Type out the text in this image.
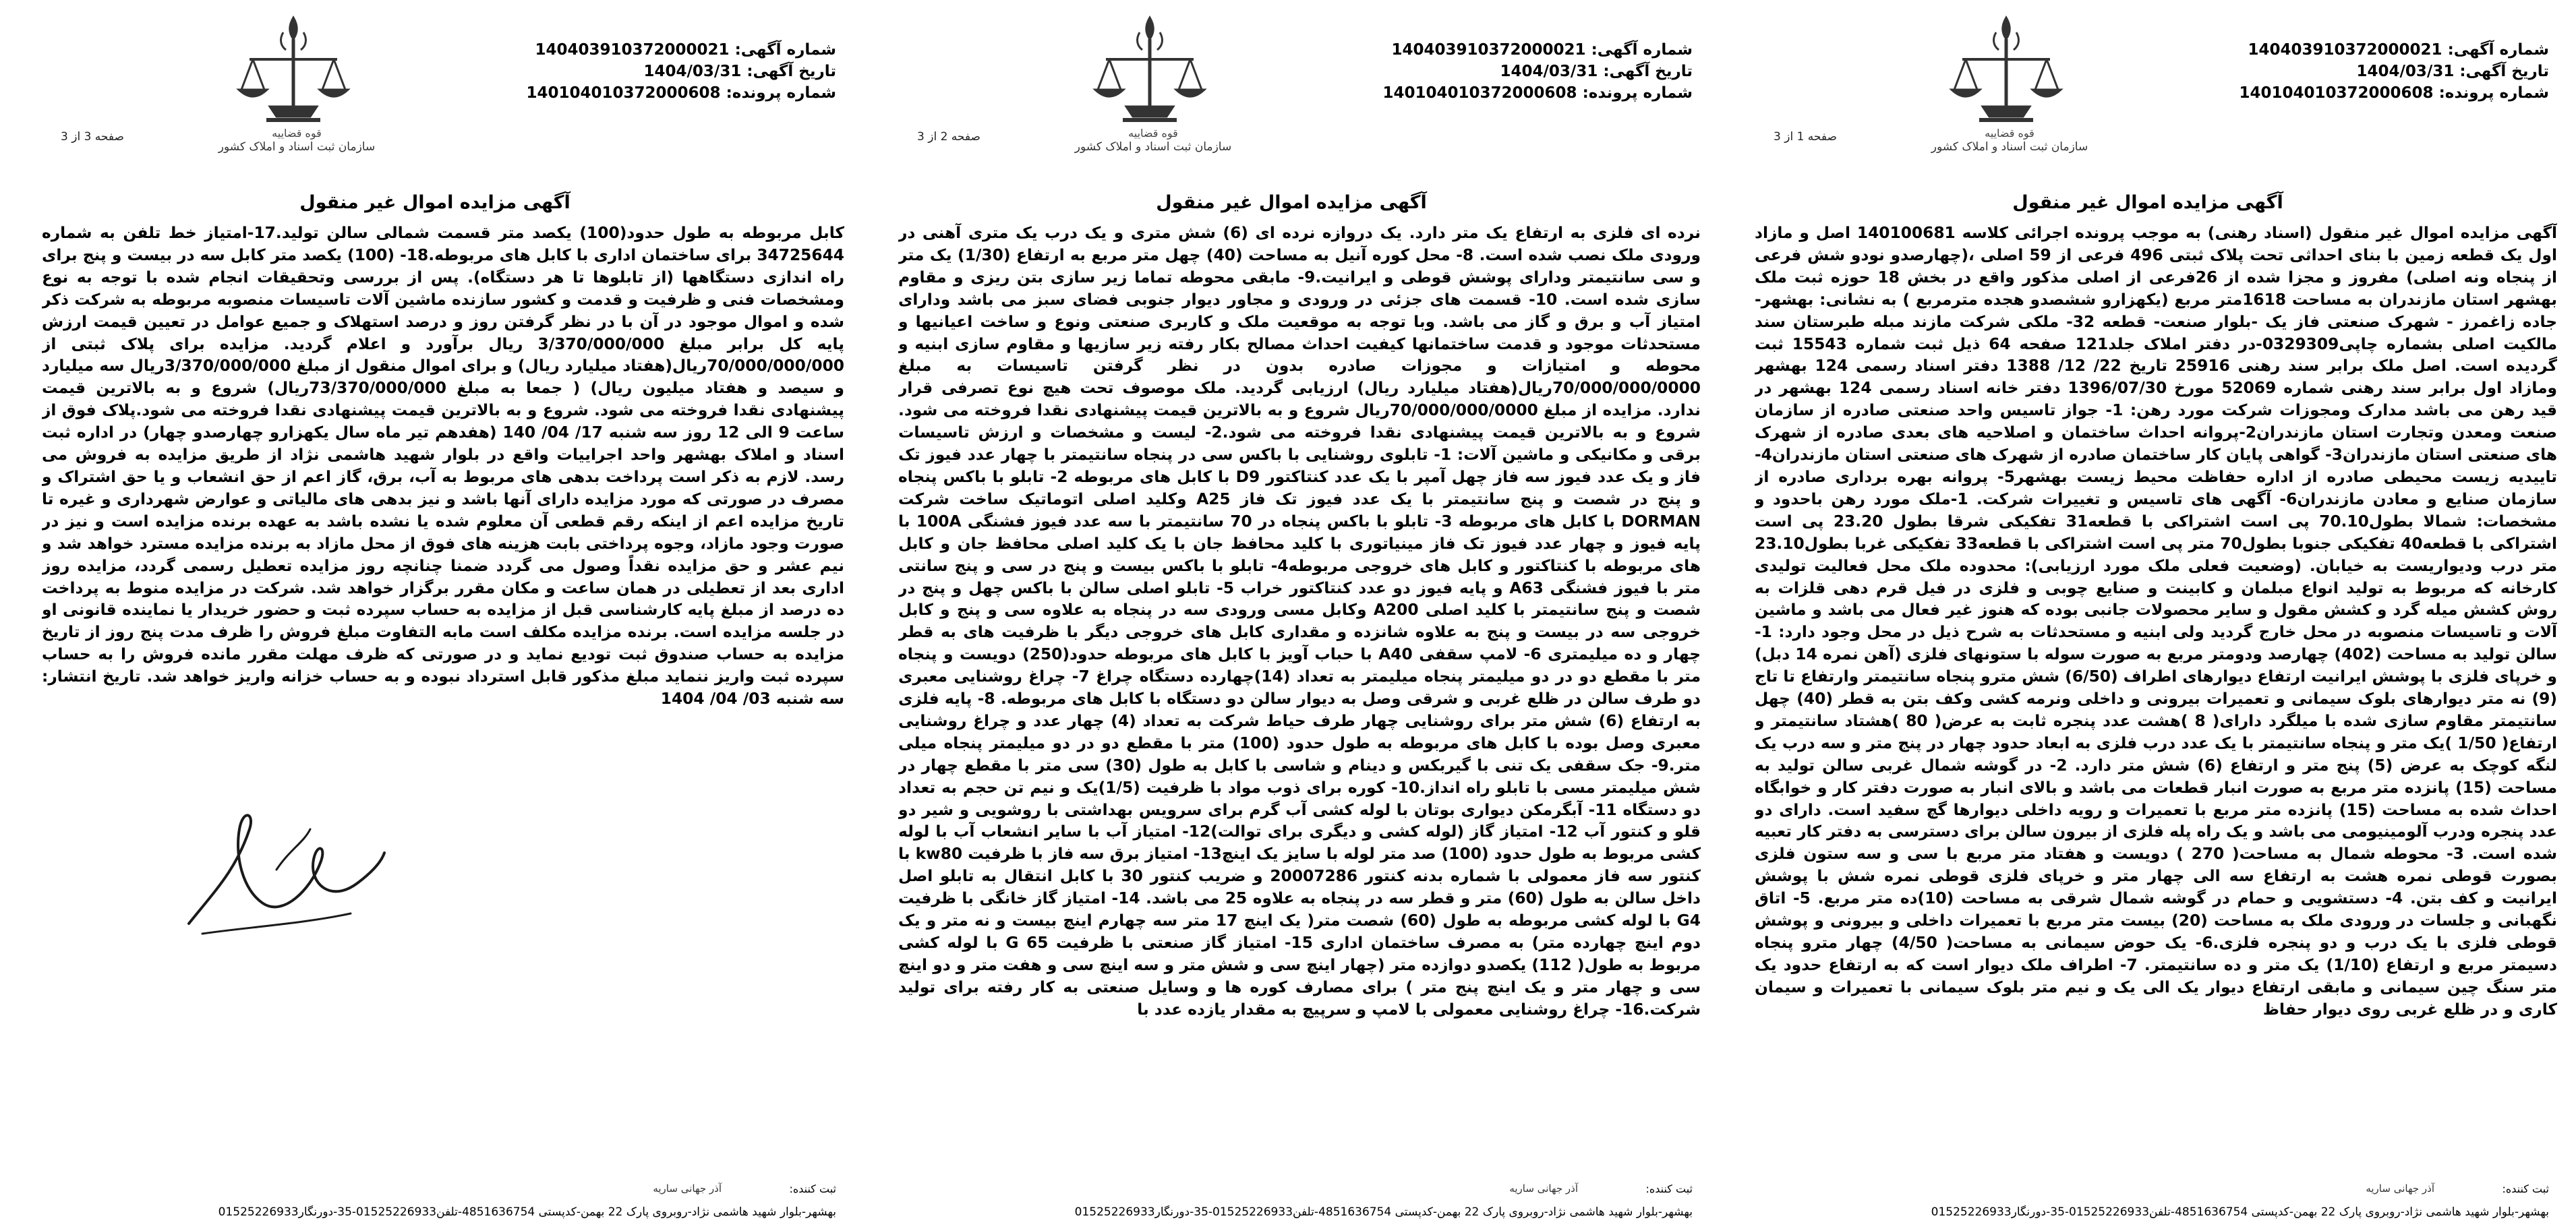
شماره آگهی: 140403910372000021
تاریخ آگهی: 1404/03/31
شماره پرونده: 140104010372000608
قوه قضاييه
سازمان ثبت اسناد و املاک کشور
صفحه 1 از 3
آگهی مزایده اموال غیر منقول
آگهی مزایده اموال غیر منقول (اسناد رهنی) به موجب پرونده اجرائی کلاسه 140100681 اصل و مازاد اول یک قطعه زمین با بنای احداثی تحت پلاک ثبتی 496 فرعی از 59 اصلی ،(چهارصدو نودو شش فرعی از پنجاه ونه اصلی) مفروز و مجزا شده از 26فرعی از اصلی مذکور واقع در بخش 18 حوزه ثبت ملک بهشهر استان مازندران به مساحت 1618متر مربع (یکهزارو ششصدو هجده مترمربع ) به نشانی: بهشهر-جاده زاغمرز - شهرک صنعتی فاز یک -بلوار صنعت- قطعه 32- ملکی شرکت مازند مبله طبرستان سند مالکیت اصلی بشماره چاپی0329309-در دفتر املاک جلد121 صفحه 64 ذیل ثبت شماره 15543 ثبت گردیده است. اصل ملک برابر سند رهنی 25916 تاریخ 22/ 12/ 1388 دفتر اسناد رسمی 124 بهشهر ومازاد اول برابر سند رهنی شماره 52069 مورخ 1396/07/30 دفتر خانه اسناد رسمی 124 بهشهر در قید رهن می باشد مدارک ومجوزات شرکت مورد رهن: 1- جواز تاسیس واحد صنعتی صادره از سازمان صنعت ومعدن وتجارت استان مازندران2-پروانه احداث ساختمان و اصلاحیه های بعدی صادره از شهرک های صنعتی استان مازندران3- گواهی پایان کار ساختمان صادره از شهرک های صنعتی استان مازندران4- تاییدیه زیست محیطی صادره از اداره حفاظت محیط زیست بهشهر5- پروانه بهره برداری صادره از سازمان صنایع و معادن مازندران6- آگهی های تاسیس و تغییرات شرکت. 1-ملک مورد رهن باحدود و مشخصات: شمالا بطول70.10 پی است اشتراکی با قطعه31 تفکیکی شرقا بطول 23.20 پی است اشتراکی با قطعه40 تفکیکی جنوبا بطول70 متر پی است اشتراکی با قطعه33 تفکیکی غربا بطول23.10 متر درب ودیواریست به خیابان. (وضعیت فعلی ملک مورد ارزیابی): محدوده ملک محل فعالیت تولیدی کارخانه که مربوط به تولید انواع مبلمان و کابینت و صنایع چوبی و فلزی در فیل قرم دهی قلزات به روش کشش میله گرد و کشش مقول و سایر محصولات جانبی بوده که هنوز غیر فعال می باشد و ماشین آلات و تاسیسات منصوبه در محل خارج گردید ولی ابنیه و مستحدثات به شرح ذیل در محل وجود دارد: 1- سالن تولید به مساحت (402) چهارصد ودومتر مربع به صورت سوله با ستونهای فلزی (آهن نمره 14 دبل) و خرپای فلزی با پوشش ایرانیت ارتفاع دیوارهای اطراف (6/50) شش مترو پنجاه سانتیمتر وارتفاع تا تاج (9) نه متر دیوارهای بلوک سیمانی و تعمیرات بیرونی و داخلی ونرمه کشی وکف بتن به قطر (40) چهل سانتیمتر مقاوم سازی شده با میلگرد دارای( 8 )هشت عدد پنجره ثابت به عرض( 80 )هشتاد سانتیمتر و ارتفاع( 1/50 )یک متر و پنجاه سانتیمتر با یک عدد درب فلزی به ابعاد حدود چهار در پنج متر و سه درب یک لنگه کوچک به عرض (5) پنج متر و ارتفاع (6) شش متر دارد. 2- در گوشه شمال غربی سالن تولید به مساحت (15) پانزده متر مربع به صورت انبار قطعات می باشد و بالای انبار به صورت دفتر کار و خوابگاه احداث شده به مساحت (15) پانزده متر مربع با تعمیرات و رویه داخلی دیوارها گچ سفید است. دارای دو عدد پنجره ودرب آلومینیومی می باشد و یک راه پله فلزی از بیرون سالن برای دسترسی به دفتر کار تعبیه شده است. 3- محوطه شمال به مساحت( 270 ) دویست و هفتاد متر مربع با سی و سه ستون فلزی بصورت قوطی نمره هشت به ارتفاع سه الی چهار متر و خرپای فلزی قوطی نمره شش با پوشش ایرانیت و کف بتن. 4- دستشویی و حمام در گوشه شمال شرقی به مساحت (10)ده متر مربع. 5- اتاق نگهبانی و جلسات در ورودی ملک به مساحت (20) بیست متر مربع با تعمیرات داخلی و بیرونی و پوشش قوطی فلزی با یک درب و دو پنجره فلزی.6- یک حوض سیمانی به مساحت( 4/50) چهار مترو پنجاه دسیمتر مربع و ارتفاع (1/10) یک متر و ده سانتیمتر. 7- اطراف ملک دیوار است که به ارتفاع حدود یک متر سنگ چین سیمانی و مابقی ارتفاع دیوار یک الی یک و نیم متر بلوک سیمانی با تعمیرات و سیمان کاری و در ظلع غربی روی دیوار حفاظ
ثبت کننده:
آذر جهانی ساریه
بهشهر-بلوار شهید هاشمی نژاد-روبروی پارک 22 بهمن-کدپستی 4851636754-تلفن01525226933-35-دورنگار01525226933
شماره آگهی: 140403910372000021
تاریخ آگهی: 1404/03/31
شماره پرونده: 140104010372000608
قوه قضاييه
سازمان ثبت اسناد و املاک کشور
صفحه 2 از 3
آگهی مزایده اموال غیر منقول
نرده ای فلزی به ارتفاع یک متر دارد. یک دروازه نرده ای (6) شش متری و یک درب یک متری آهنی در ورودی ملک نصب شده است. 8- محل کوره آنیل به مساحت (40) چهل متر مربع به ارتفاع (1/30) یک متر و سی سانتیمتر ودارای پوشش قوطی و ایرانیت.9- مابقی محوطه تماما زیر سازی بتن ریزی و مقاوم سازی شده است. 10- قسمت های جزئی در ورودی و مجاور دیوار جنوبی فضای سبز می باشد ودارای امتیاز آب و برق و گاز می باشد. وبا توجه به موقعیت ملک و کاربری صنعتی ونوع و ساخت اعیانیها و مستحدثات موجود و قدمت ساختمانها کیفیت احداث مصالح بکار رفته زیر سازیها و مقاوم سازی ابنیه و محوطه و امتیازات و مجوزات صادره بدون در نظر گرفتن تاسیسات به مبلغ 70/000/000/0000ریال(هفتاد میلیارد ریال) ارزیابی گردید. ملک موصوف تحت هیچ نوع تصرفی قرار ندارد. مزایده از مبلغ 70/000/000/0000ریال شروع و به بالاترین قیمت پیشنهادی نقدا فروخته می شود. شروع و به بالاترین قیمت پیشنهادی نقدا فروخته می شود.2- لیست و مشخصات و ارزش تاسیسات برقی و مکانیکی و ماشین آلات: 1- تابلوی روشنایی با باکس سی در پنجاه سانتیمتر با چهار عدد فیوز تک فاز و یک عدد فیوز سه فاز چهل آمپر با یک عدد کنتاکتور D9 با کابل های مربوطه 2- تابلو با باکس پنجاه و پنج در شصت و پنج سانتیمتر با یک عدد فیوز تک فاز A25 وکلید اصلی اتوماتیک ساخت شرکت DORMAN با کابل های مربوطه 3- تابلو با باکس پنجاه در 70 سانتیمتر با سه عدد فیوز فشنگی 100A با پایه فیوز و چهار عدد فیوز تک فاز مینیاتوری با کلید محافظ جان با یک کلید اصلی محافظ جان و کابل های مربوطه با کنتاکتور و کابل های خروجی مربوطه4- تابلو با باکس بیست و پنج در سی و پنج سانتی متر با فیوز فشنگی A63 و پایه فیوز دو عدد کنتاکتور خراب 5- تابلو اصلی سالن با باکس چهل و پنج در شصت و پنج سانتیمتر با کلید اصلی A200 وکابل مسی ورودی سه در پنجاه به علاوه سی و پنج و کابل خروجی سه در بیست و پنج به علاوه شانزده و مقداری کابل های خروجی دیگر با ظرفیت های به قطر چهار و ده میلیمتری 6- لامپ سقفی A40 با حباب آویز با کابل های مربوطه حدود(250) دویست و پنجاه متر با مقطع دو در دو میلیمتر پنجاه میلیمتر به تعداد (14)چهارده دستگاه چراغ 7- چراغ روشنایی معبری دو طرف سالن در ظلع غربی و شرقی وصل به دیوار سالن دو دستگاه با کابل های مربوطه. 8- پایه فلزی به ارتفاع (6) شش متر برای روشنایی چهار طرف حیاط شرکت به تعداد (4) چهار عدد و چراغ روشنایی معبری وصل بوده با کابل های مربوطه به طول حدود (100) متر با مقطع دو در دو میلیمتر پنجاه میلی متر.9- جک سقفی یک تنی با گیربکس و دینام و شاسی با کابل به طول (30) سی متر با مقطع چهار در شش میلیمتر مسی با تابلو راه انداز.10- کوره برای ذوب مواد با ظرفیت (1/5)یک و نیم تن حجم به تعداد دو دستگاه 11- آبگرمکن دیواری بوتان با لوله کشی آب گرم برای سرویس بهداشتی با روشویی و شیر دو قلو و کنتور آب 12- امتیاز گاز (لوله کشی و دیگری برای توالت)12- امتیاز آب با سایر انشعاب آب با لوله کشی مربوط به طول حدود (100) صد متر لوله با سایز یک اینچ13- امتیاز برق سه فاز با ظرفیت kw80 با کنتور سه فاز معمولی با شماره بدنه کنتور 20007286 و ضریب کنتور 30 با کابل انتقال به تابلو اصل داخل سالن به طول (60) متر و قطر سه در پنجاه به علاوه 25 می باشد. 14- امتیاز گاز خانگی با ظرفیت G4 با لوله کشی مربوطه به طول (60) شصت متر( یک اینچ 17 متر سه چهارم اینچ بیست و نه متر و یک دوم اینچ چهارده متر) به مصرف ساختمان اداری 15- امتیاز گاز صنعتی با ظرفیت G 65 با لوله کشی مربوط به طول( 112) یکصدو دوازده متر (چهار اینچ سی و شش متر و سه اینچ سی و هفت متر و دو اینچ سی و چهار متر و یک اینچ پنج متر ) برای مصارف کوره ها و وسایل صنعتی به کار رفته برای تولید شرکت.16- چراغ روشنایی معمولی با لامپ و سرپیچ به مقدار یازده عدد با
ثبت کننده:
آذر جهانی ساریه
بهشهر-بلوار شهید هاشمی نژاد-روبروی پارک 22 بهمن-کدپستی 4851636754-تلفن01525226933-35-دورنگار01525226933
شماره آگهی: 140403910372000021
تاریخ آگهی: 1404/03/31
شماره پرونده: 140104010372000608
قوه قضاييه
سازمان ثبت اسناد و املاک کشور
صفحه 3 از 3
آگهی مزایده اموال غیر منقول
کابل مربوطه به طول حدود(100) یکصد متر قسمت شمالی سالن تولید.17-امتیاز خط تلفن به شماره 34725644 برای ساختمان اداری با کابل های مربوطه.18- (100) یکصد متر کابل سه در بیست و پنج برای راه اندازی دستگاهها (از تابلوها تا هر دستگاه). پس از بررسی وتحقیقات انجام شده با توجه به نوع ومشخصات فنی و ظرفیت و قدمت و کشور سازنده ماشین آلات تاسیسات منصوبه مربوطه به شرکت ذکر شده و اموال موجود در آن با در نظر گرفتن روز و درصد استهلاک و جمیع عوامل در تعیین قیمت ارزش پایه کل برابر مبلغ 3/370/000/000 ریال برآورد و اعلام گردید. مزایده برای پلاک ثبتی از 70/000/000/000ریال(هفتاد میلیارد ریال) و برای اموال منقول از مبلغ 3/370/000/000ریال سه میلیارد و سیصد و هفتاد میلیون ریال) ( جمعا به مبلغ 73/370/000/000ریال) شروع و به بالاترین قیمت پیشنهادی نقدا فروخته می شود. شروع و به بالاترین قیمت پیشنهادی نقدا فروخته می شود.پلاک فوق از ساعت 9 الی 12 روز سه شنبه 17/ 04/ 140 (هفدهم تیر ماه سال یکهزارو چهارصدو چهار) در اداره ثبت اسناد و املاک بهشهر واحد اجراییات واقع در بلوار شهید هاشمی نژاد از طریق مزایده به فروش می رسد. لازم به ذکر است پرداخت بدهی های مربوط به آب، برق، گاز اعم از حق انشعاب و یا حق اشتراک و مصرف در صورتی که مورد مزایده دارای آنها باشد و نیز بدهی های مالیاتی و عوارض شهرداری و غیره تا تاریخ مزایده اعم از اینکه رقم قطعی آن معلوم شده یا نشده باشد به عهده برنده مزایده است و نیز در صورت وجود مازاد، وجوه پرداختی بابت هزینه های فوق از محل مازاد به برنده مزایده مسترد خواهد شد و نیم عشر و حق مزایده نقداً وصول می گردد ضمنا چنانچه روز مزایده تعطیل رسمی گردد، مزایده روز اداری بعد از تعطیلی در همان ساعت و مکان مقرر برگزار خواهد شد. شرکت در مزایده منوط به پرداخت ده درصد از مبلغ پایه کارشناسی قبل از مزایده به حساب سپرده ثبت و حضور خریدار یا نماینده قانونی او در جلسه مزایده است. برنده مزایده مکلف است مابه التفاوت مبلغ فروش را ظرف مدت پنج روز از تاریخ مزایده به حساب صندوق ثبت تودیع نماید و در صورتی که ظرف مهلت مقرر مانده فروش را به حساب سپرده ثبت واریز ننماید مبلغ مذکور قابل استرداد نبوده و به حساب خزانه واریز خواهد شد. تاریخ انتشار: سه شنبه 03/ 04/ 1404
ثبت کننده:
آذر جهانی ساریه
بهشهر-بلوار شهید هاشمی نژاد-روبروی پارک 22 بهمن-کدپستی 4851636754-تلفن01525226933-35-دورنگار01525226933
